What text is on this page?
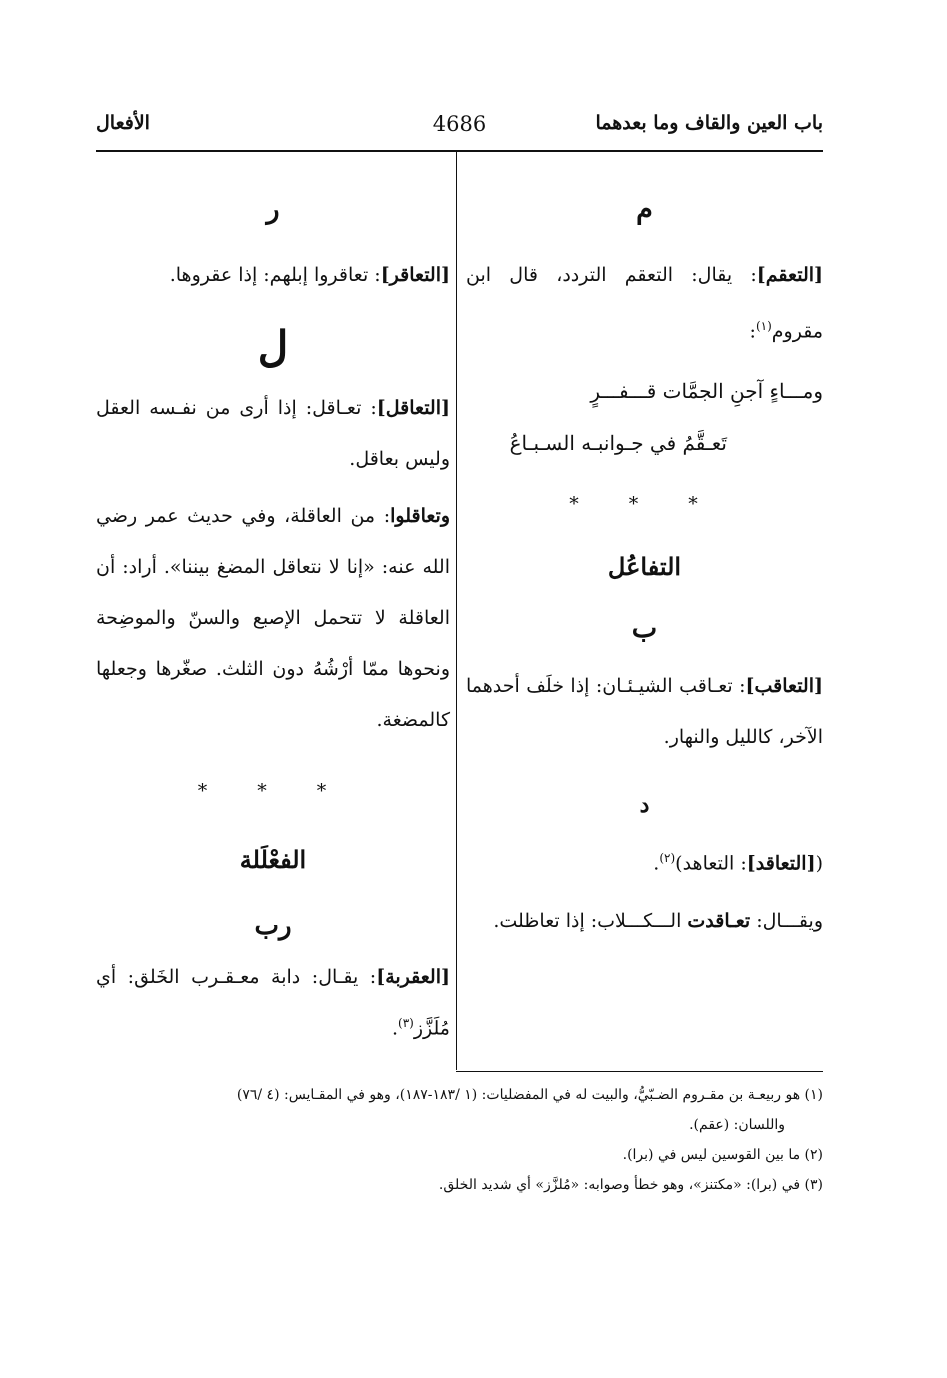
باب العين والقاف وما بعدهما
4686
الأفعال
م

[التعقم]: يقال: التعقم التردد، قال ابن مقروم$^{(١)}$:

ومـــاءٍ آجنِ الجمَّات قـــفـــرٍ
تَعـقَّمُ في جـوانبـه السـبـاعُ
* * *
التفاعُل
ب

[التعاقب]: تعـاقب الشيـئـان: إذا خلَف أحدهما الآخر، كالليل والنهار.

د

([التعاقد]: التعاهد)$^{(٢)}$.

ويقـــال: تعـاقدت الـــكـــلاب: إذا تعاظلت.

ر

[التعاقر]: تعاقروا إبلهم: إذا عقروها.

ل

[التعاقل]: تعـاقل: إذا أرى من نفـسه العقل وليس بعاقل.

وتعاقلوا: من العاقلة، وفي حديث عمر رضي الله عنه: «إنا لا نتعاقل المضغ بيننا». أراد: أن العاقلة لا تتحمل الإصبع والسنّ والموضِحة ونحوها ممّا أرْشُهُ دون الثلث. صغّرها وجعلها كالمضغة.

* * *
الفعْلَلة
رب

[العقربة]: يقـال: دابة معـقـرب الخَلق: أي مُلَزَّز$^{(٣)}$.

(١) هو ربيعـة بن مقـروم الضـبّيُّ، والبيت له في المفضليات: (١ /١٨٣-١٨٧)، وهو في المقـايس: (٤ /٧٦)
واللسان: (عقم).
(٢) ما بين القوسين ليس في (برا).
(٣) في (برا): «مكتنز»، وهو خطأ وصوابه: «مُلزَّز» أي شديد الخلق.
